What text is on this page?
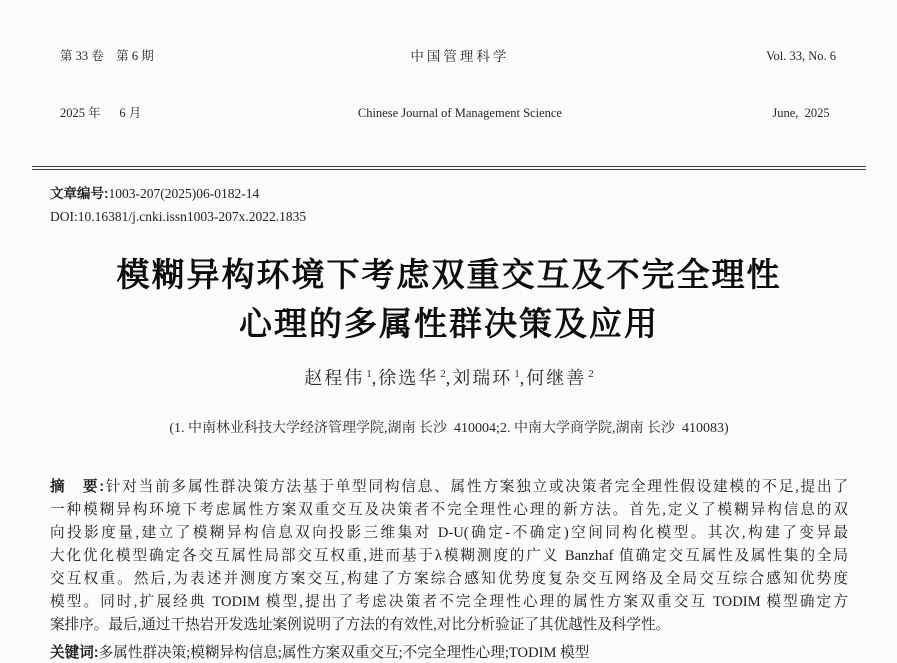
第 33 卷　第 6 期

2025 年　  6 月

中国管理科学

Chinese Journal of Management Science

Vol. 33, No. 6

June,  2025

文章编号:1003-207(2025)06-0182-14
DOI:10.16381/j.cnki.issn1003-207x.2022.1835
模糊异构环境下考虑双重交互及不完全理性
心理的多属性群决策及应用
赵程伟 $^1$,徐选华 $^2$,刘瑞环 $^1$,何继善 $^2$
(1. 中南林业科技大学经济管理学院,湖南 长沙  410004;2. 中南大学商学院,湖南 长沙  410083)
摘　要:针对当前多属性群决策方法基于单型同构信息、属性方案独立或决策者完全理性假设建模的不足,提出了
一种模糊异构环境下考虑属性方案双重交互及决策者不完全理性心理的新方法。首先,定义了模糊异构信息的双
向投影度量,建立了模糊异构信息双向投影三维集对 D-U(确定-不确定)空间同构化模型。其次,构建了变异最
大化优化模型确定各交互属性局部交互权重,进而基于λ模糊测度的广义 Banzhaf 值确定交互属性及属性集的全局
交互权重。然后,为表述并测度方案交互,构建了方案综合感知优势度复杂交互网络及全局交互综合感知优势度
模型。同时,扩展经典 TODIM 模型,提出了考虑决策者不完全理性心理的属性方案双重交互 TODIM 模型确定方
案排序。最后,通过干热岩开发选址案例说明了方法的有效性,对比分析验证了其优越性及科学性。
关键词:多属性群决策;模糊异构信息;属性方案双重交互;不完全理性心理;TODIM 模型
